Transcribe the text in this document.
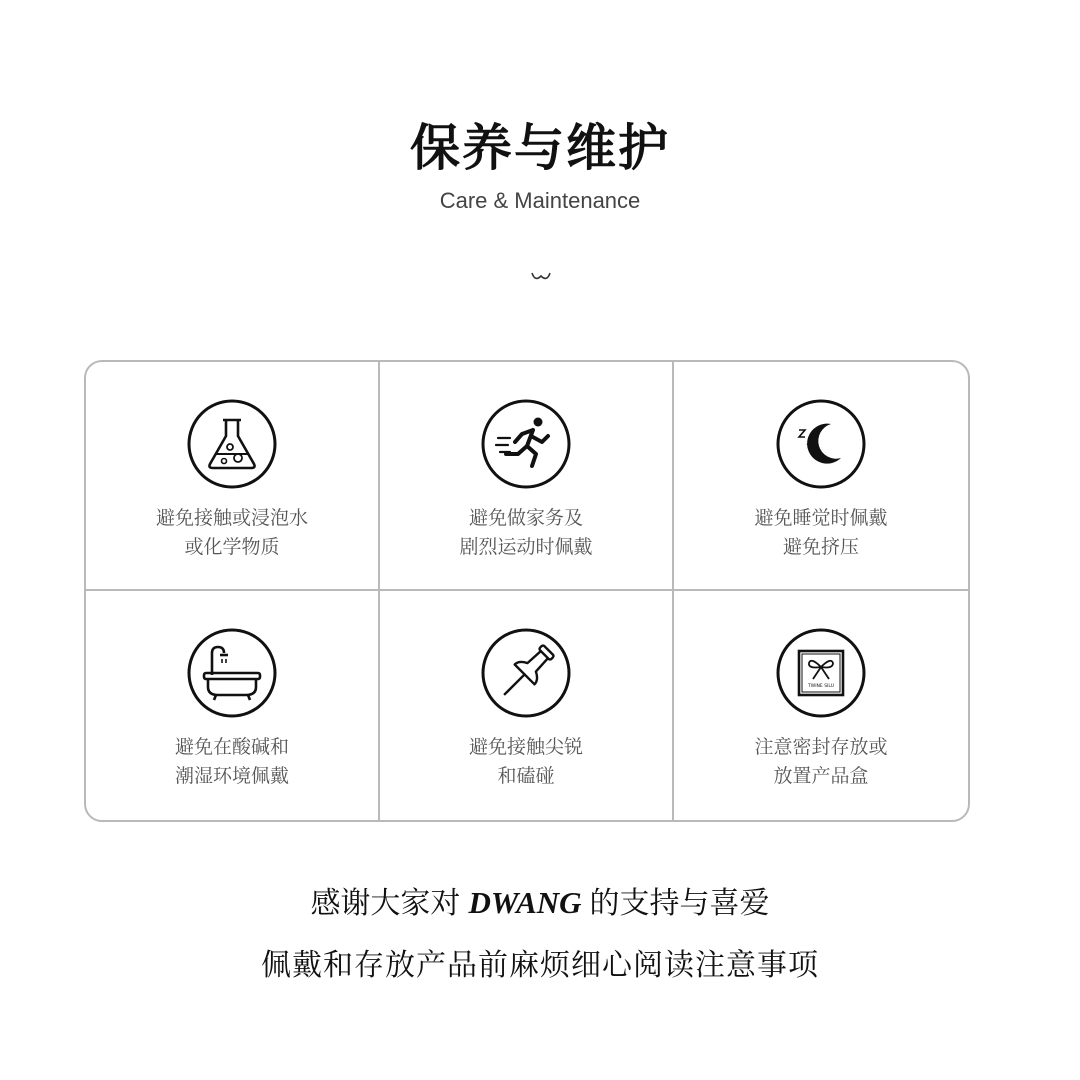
保养与维护
Care & Maintenance
避免接触或浸泡水
或化学物质
避免做家务及
剧烈运动时佩戴
避免睡觉时佩戴
避免挤压
避免在酸碱和
潮湿环境佩戴
避免接触尖锐
和磕碰
TWINE SILU
注意密封存放或
放置产品盒
感谢大家对 DWANG 的支持与喜爱
佩戴和存放产品前麻烦细心阅读注意事项
